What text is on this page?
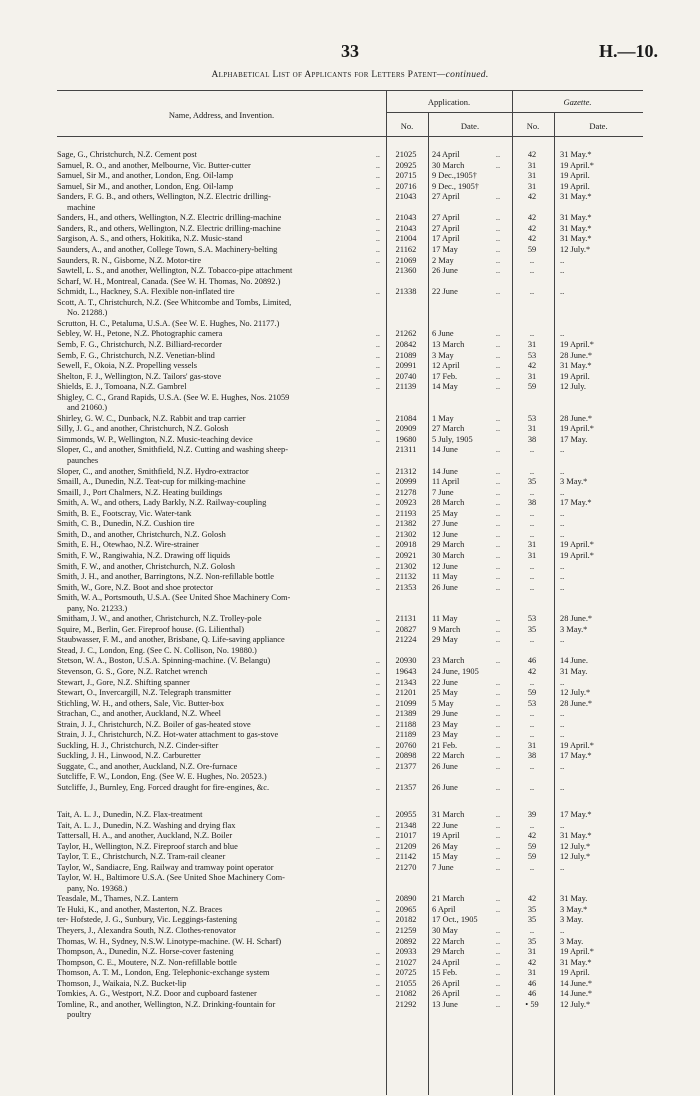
33	H.—10.
Alphabetical List of Applicants for Letters Patent—continued.
Name, Address, and Invention.
Application.	Gazette.
No.	Date.	No.	Date.
Sage, G., Christchurch, N.Z. Cement post	..	21025	24 April	..	42	31 May.*
Samuel, R. O., and another, Melbourne, Vic. Butter-cutter	..	20925	30 March	..	31	19 April.*
Samuel, Sir M., and another, London, Eng. Oil-lamp	..	20715	9 Dec.,1905†	31	19 April.
Samuel, Sir M., and another, London, Eng. Oil-lamp	..	20716	9 Dec., 1905†	31	19 April.
Sanders, F. G. B., and others, Wellington, N.Z. Electric drilling-	21043	27 April	..	42	31 May.*
machine
Sanders, H., and others, Wellington, N.Z. Electric drilling-machine	..	21043	27 April	..	42	31 May.*
Sanders, R., and others, Wellington, N.Z. Electric drilling-machine	..	21043	27 April	..	42	31 May.*
Sargison, A. S., and others, Hokitika, N.Z. Music-stand	..	21004	17 April	..	42	31 May.*
Saunders, A., and another, College Town, S.A. Machinery-belting	..	21162	17 May	..	59	12 July.*
Saunders, R. N., Gisborne, N.Z. Motor-tire	..	21069	2 May	..	..	..
Sawtell, L. S., and another, Wellington, N.Z. Tobacco-pipe attachment	21360	26 June	..	..	..
Scharf, W. H., Montreal, Canada. (See W. H. Thomas, No. 20892.)
Schmidt, L., Hackney, S.A. Flexible non-inflated tire	..	21338	22 June	..	..	..
Scott, A. T., Christchurch, N.Z. (See Whitcombe and Tombs, Limited,
No. 21288.)
Scrutton, H. C., Petaluma, U.S.A. (See W. E. Hughes, No. 21177.)
Sebley, W. H., Petone, N.Z. Photographic camera	..	21262	6 June	..	..	..
Semb, F. G., Christchurch, N.Z. Billiard-recorder	..	20842	13 March	..	31	19 April.*
Semb, F. G., Christchurch, N.Z. Venetian-blind	..	21089	3 May	..	53	28 June.*
Sewell, F., Okoia, N.Z. Propelling vessels	..	20991	12 April	..	42	31 May.*
Shelton, F. J., Wellington, N.Z. Tailors' gas-stove	..	20740	17 Feb.	..	31	19 April.
Shields, E. J., Tomoana, N.Z. Gambrel	..	21139	14 May	..	59	12 July.
Shigley, C. C., Grand Rapids, U.S.A. (See W. E. Hughes, Nos. 21059
and 21060.)
Shirley, G. W. C., Dunback, N.Z. Rabbit and trap carrier	..	21084	1 May	..	53	28 June.*
Silly, J. G., and another, Christchurch, N.Z. Golosh	..	20909	27 March	..	31	19 April.*
Simmonds, W. P., Wellington, N.Z. Music-teaching device	..	19680	5 July, 1905	38	17 May.
Sloper, C., and another, Smithfield, N.Z. Cutting and washing sheep-	21311	14 June	..	..	..
paunches
Sloper, C., and another, Smithfield, N.Z. Hydro-extractor	..	21312	14 June	..	..	..
Smaill, A., Dunedin, N.Z. Teat-cup for milking-machine	..	20999	11 April	..	35	3 May.*
Smaill, J., Port Chalmers, N.Z. Heating buildings	..	21278	7 June	..	..	..
Smith, A. W., and others, Lady Barkly, N.Z. Railway-coupling	..	20923	28 March	..	38	17 May.*
Smith, B. E., Footscray, Vic. Water-tank	..	21193	25 May	..	..	..
Smith, C. B., Dunedin, N.Z. Cushion tire	..	21382	27 June	..	..	..
Smith, D., and another, Christchurch, N.Z. Golosh	..	21302	12 June	..	..	..
Smith, E. H., Otewhao, N.Z. Wire-strainer	..	20918	29 March	..	31	19 April.*
Smith, F. W., Rangiwahia, N.Z. Drawing off liquids	..	20921	30 March	..	31	19 April.*
Smith, F. W., and another, Christchurch, N.Z. Golosh	..	21302	12 June	..	..	..
Smith, J. H., and another, Barringtons, N.Z. Non-refillable bottle	..	21132	11 May	..	..	..
Smith, W., Gore, N.Z. Boot and shoe protector	..	21353	26 June	..	..	..
Smith, W. A., Portsmouth, U.S.A. (See United Shoe Machinery Com-
pany, No. 21233.)
Smitham, J. W., and another, Christchurch, N.Z. Trolley-pole	..	21131	11 May	..	53	28 June.*
Squire, M., Berlin, Ger. Fireproof house. (G. Lilienthal)	..	20827	9 March	..	35	3 May.*
Staubwasser, F. M., and another, Brisbane, Q. Life-saving appliance	21224	29 May	..	..	..
Stead, J. C., London, Eng. (See C. N. Collison, No. 19880.)
Stetson, W. A., Boston, U.S.A. Spinning-machine. (V. Belangu)	..	20930	23 March	..	46	14 June.
Stevenson, G. S., Gore, N.Z. Ratchet wrench	..	19643	24 June, 1905	42	31 May.
Stewart, J., Gore, N.Z. Shifting spanner	..	21343	22 June	..	..	..
Stewart, O., Invercargill, N.Z. Telegraph transmitter	..	21201	25 May	..	59	12 July.*
Stichling, W. H., and others, Sale, Vic. Butter-box	..	21099	5 May	..	53	28 June.*
Strachan, C., and another, Auckland, N.Z. Wheel	..	21389	29 June	..	..	..
Strain, J. J., Christchurch, N.Z. Boiler of gas-heated stove	..	21188	23 May	..	..	..
Strain, J. J., Christchurch, N.Z. Hot-water attachment to gas-stove	21189	23 May	..	..	..
Suckling, H. J., Christchurch, N.Z. Cinder-sifter	..	20760	21 Feb.	..	31	19 April.*
Suckling, J. H., Linwood, N.Z. Carburetter	..	20898	22 March	..	38	17 May.*
Suggate, C., and another, Auckland, N.Z. Ore-furnace	..	21377	26 June	..	..	..
Sutcliffe, F. W., London, Eng. (See W. E. Hughes, No. 20523.)
Sutcliffe, J., Burnley, Eng. Forced draught for fire-engines, &c.	..	21357	26 June	..	..	..
Tait, A. L. J., Dunedin, N.Z. Flax-treatment	..	20955	31 March	..	39	17 May.*
Tait, A. L. J., Dunedin, N.Z. Washing and drying flax	..	21348	22 June	..	..	..
Tattersall, H. A., and another, Auckland, N.Z. Boiler	..	21017	19 April	..	42	31 May.*
Taylor, H., Wellington, N.Z. Fireproof starch and blue	..	21209	26 May	..	59	12 July.*
Taylor, T. E., Christchurch, N.Z. Tram-rail cleaner	..	21142	15 May	..	59	12 July.*
Taylor, W., Sandiacre, Eng. Railway and tramway point operator	21270	7 June	..	..	..
Taylor, W. H., Baltimore U.S.A. (See United Shoe Machinery Com-
pany, No. 19368.)
Teasdale, M., Thames, N.Z. Lantern	..	20890	21 March	..	42	31 May.
Te Huki, K., and another, Masterton, N.Z. Braces	..	20965	6 April	..	35	3 May.*
ter- Hofstede, J. G., Sunbury, Vic. Leggings-fastening	..	20182	17 Oct., 1905	35	3 May.
Theyers, J., Alexandra South, N.Z. Clothes-renovator	..	21259	30 May	..	..	..
Thomas, W. H., Sydney, N.S.W. Linotype-machine. (W. H. Scharf)	20892	22 March	..	35	3 May.
Thompson, A., Dunedin, N.Z. Horse-cover fastening	..	20933	29 March	..	31	19 April.*
Thompson, C. E., Moutere, N.Z. Non-refillable bottle	..	21027	24 April	..	42	31 May.*
Thomson, A. T. M., London, Eng. Telephonic-exchange system	..	20725	15 Feb.	..	31	19 April.
Thomson, J., Waikaia, N.Z. Bucket-lip	..	21055	26 April	..	46	14 June.*
Tomkies, A. G., Westport, N.Z. Door and cupboard fastener	..	21082	26 April	..	46	14 June.*
Tomline, R., and another, Wellington, N.Z. Drinking-fountain for	21292	13 June	..	• 59	12 July.*
poultry
